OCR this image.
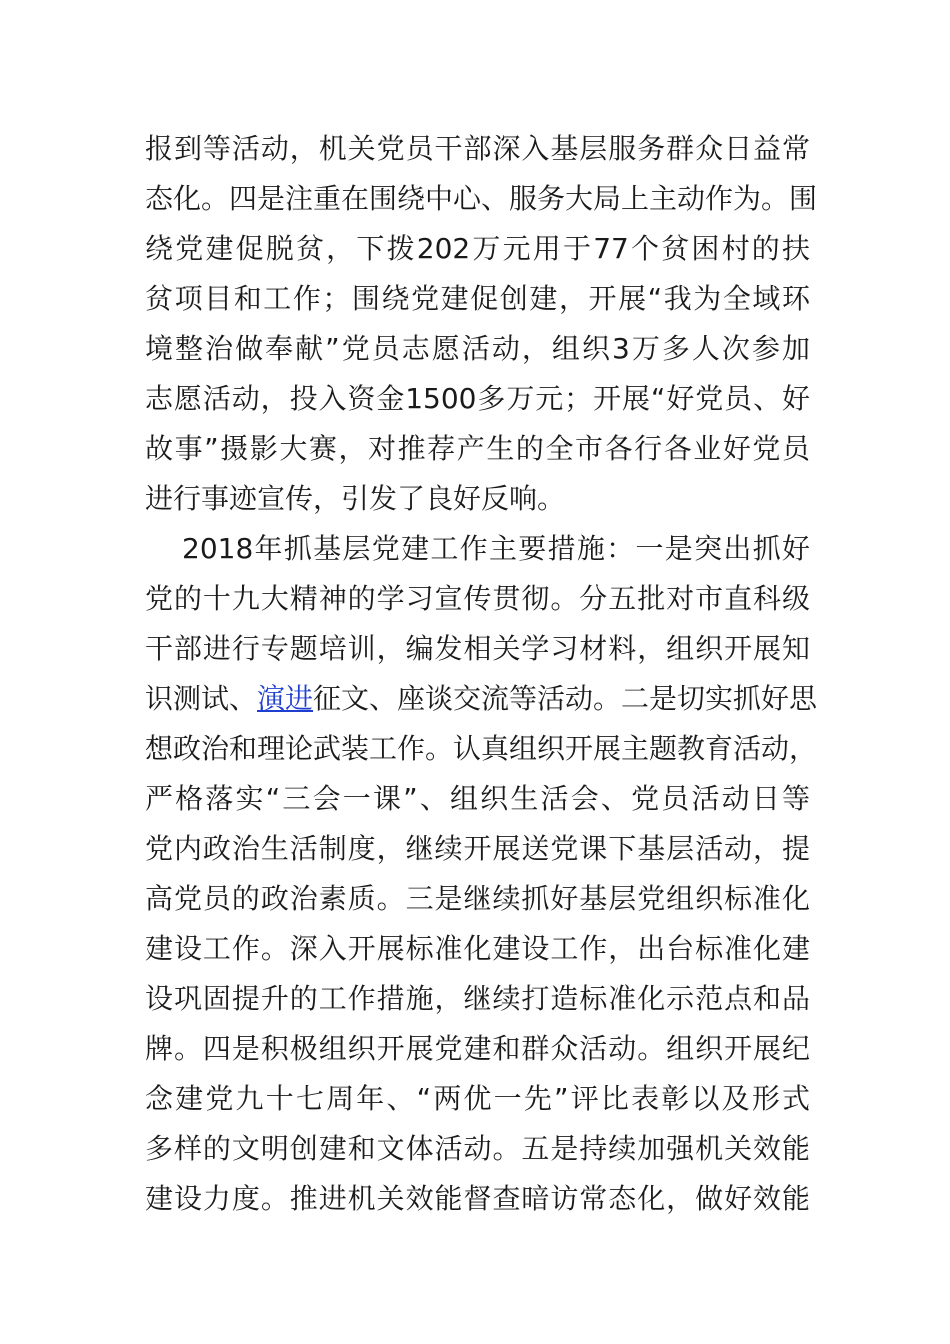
报到等活动，机关党员干部深入基层服务群众日益常
态化。四是注重在围绕中心、服务大局上主动作为。围
绕党建促脱贫，下拨202万元用于77个贫困村的扶
贫项目和工作；围绕党建促创建，开展“我为全域环
境整治做奉献”党员志愿活动，组织3万多人次参加
志愿活动，投入资金1500多万元；开展“好党员、好
故事”摄影大赛，对推荐产生的全市各行各业好党员
进行事迹宣传，引发了良好反响。

2018年抓基层党建工作主要措施：一是突出抓好
党的十九大精神的学习宣传贯彻。分五批对市直科级
干部进行专题培训，编发相关学习材料，组织开展知
识测试、演进征文、座谈交流等活动。二是切实抓好思
想政治和理论武装工作。认真组织开展主题教育活动，
严格落实“三会一课”、组织生活会、党员活动日等
党内政治生活制度，继续开展送党课下基层活动，提
高党员的政治素质。三是继续抓好基层党组织标准化
建设工作。深入开展标准化建设工作，出台标准化建
设巩固提升的工作措施，继续打造标准化示范点和品
牌。四是积极组织开展党建和群众活动。组织开展纪
念建党九十七周年、“两优一先”评比表彰以及形式
多样的文明创建和文体活动。五是持续加强机关效能
建设力度。推进机关效能督查暗访常态化，做好效能
